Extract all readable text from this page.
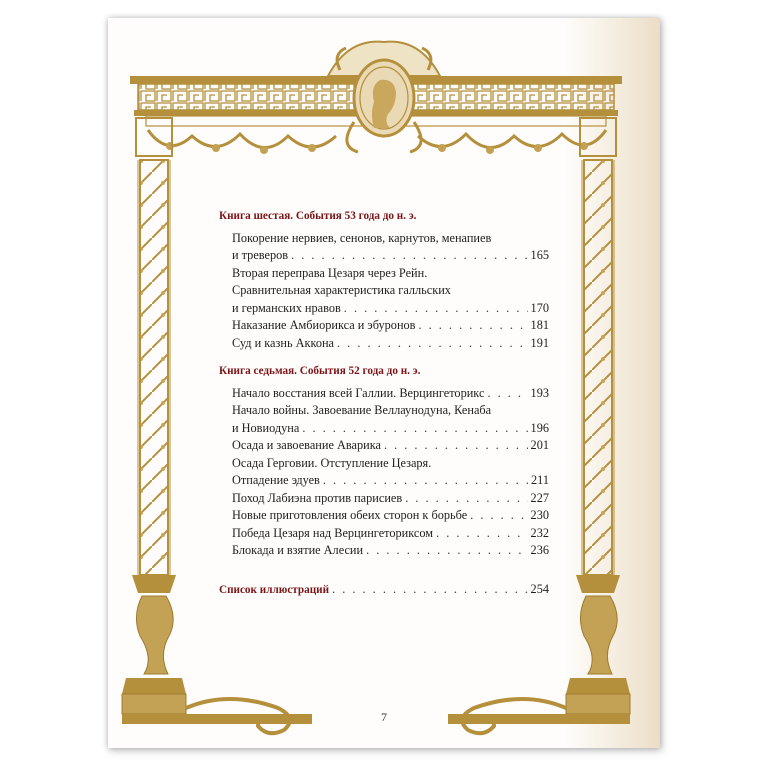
Книга шестая. События 53 года до н. э.
Покорение нервиев, сенонов, карнутов, менапиев
и треверов . . .	165
Вторая переправа Цезаря через Рейн.
Сравнительная характеристика галльских
и германских нравов . . .	170
Наказание Амбиорикса и эбуронов . . .	181
Суд и казнь Аккона . . .	191
Книга седьмая. События 52 года до н. э.
Начало восстания всей Галлии. Верцингеторикс . . .	193
Начало войны. Завоевание Веллаунодуна, Кенаба
и Новиодуна . . .	196
Осада и завоевание Аварика . . .	201
Осада Герговии. Отступление Цезаря.
Отпадение эдуев . . .	211
Поход Лабиэна против парисиев . . .	227
Новые приготовления обеих сторон к борьбе . . .	230
Победа Цезаря над Верцингеториксом . . .	232
Блокада и взятие Алесии . . .	236
Список иллюстраций . . .	254
7
